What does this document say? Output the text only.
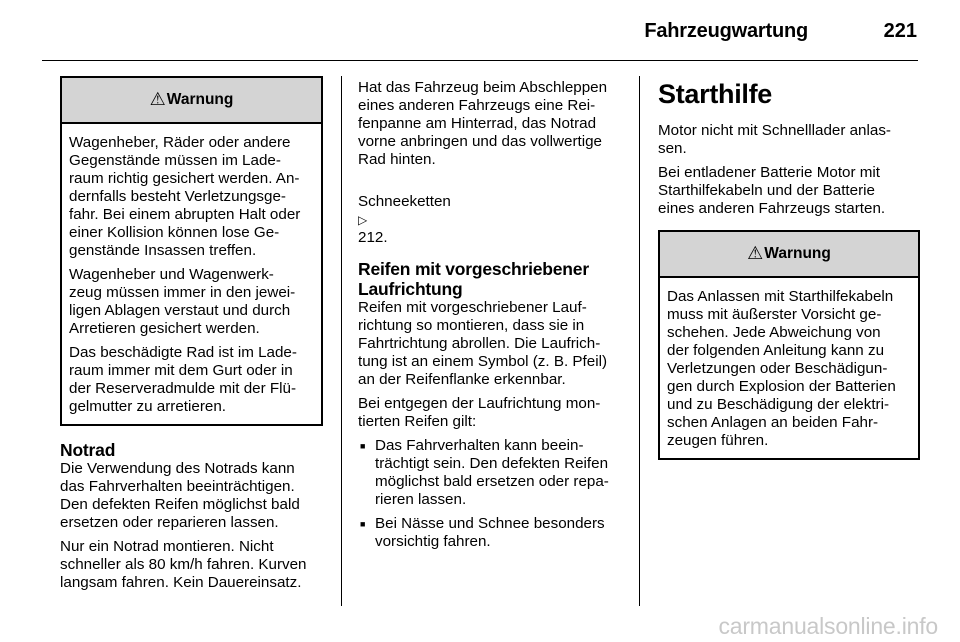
Fahrzeugwartung	221
⚠ Warnung

Wagenheber, Räder oder andere
Gegenstände müssen im Lade-
raum richtig gesichert werden. An-
dernfalls besteht Verletzungsge-
fahr. Bei einem abrupten Halt oder
einer Kollision können lose Ge-
genstände Insassen treffen.

Wagenheber und Wagenwerk-
zeug müssen immer in den jewei-
ligen Ablagen verstaut und durch
Arretieren gesichert werden.

Das beschädigte Rad ist im Lade-
raum immer mit dem Gurt oder in
der Reserveradmulde mit der Flü-
gelmutter zu arretieren.

Notrad

Die Verwendung des Notrads kann
das Fahrverhalten beeinträchtigen.
Den defekten Reifen möglichst bald
ersetzen oder reparieren lassen.

Nur ein Notrad montieren. Nicht
schneller als 80 km/h fahren. Kurven
langsam fahren. Kein Dauereinsatz.

Hat das Fahrzeug beim Abschleppen
eines anderen Fahrzeugs eine Rei-
fenpanne am Hinterrad, das Notrad
vorne anbringen und das vollwertige
Rad hinten.

Schneeketten
▷
212.

Reifen mit vorgeschriebener
Laufrichtung

Reifen mit vorgeschriebener Lauf-
richtung so montieren, dass sie in
Fahrtrichtung abrollen. Die Laufrich-
tung ist an einem Symbol (z. B. Pfeil)
an der Reifenflanke erkennbar.

Bei entgegen der Laufrichtung mon-
tierten Reifen gilt:

■ Das Fahrverhalten kann beein-
trächtigt sein. Den defekten Reifen
möglichst bald ersetzen oder repa-
rieren lassen.
■ Bei Nässe und Schnee besonders
vorsichtig fahren.
Starthilfe

Motor nicht mit Schnelllader anlas-
sen.

Bei entladener Batterie Motor mit
Starthilfekabeln und der Batterie
eines anderen Fahrzeugs starten.

⚠ Warnung

Das Anlassen mit Starthilfekabeln
muss mit äußerster Vorsicht ge-
schehen. Jede Abweichung von
der folgenden Anleitung kann zu
Verletzungen oder Beschädigun-
gen durch Explosion der Batterien
und zu Beschädigung der elektri-
schen Anlagen an beiden Fahr-
zeugen führen.

carmanualsonline.info
